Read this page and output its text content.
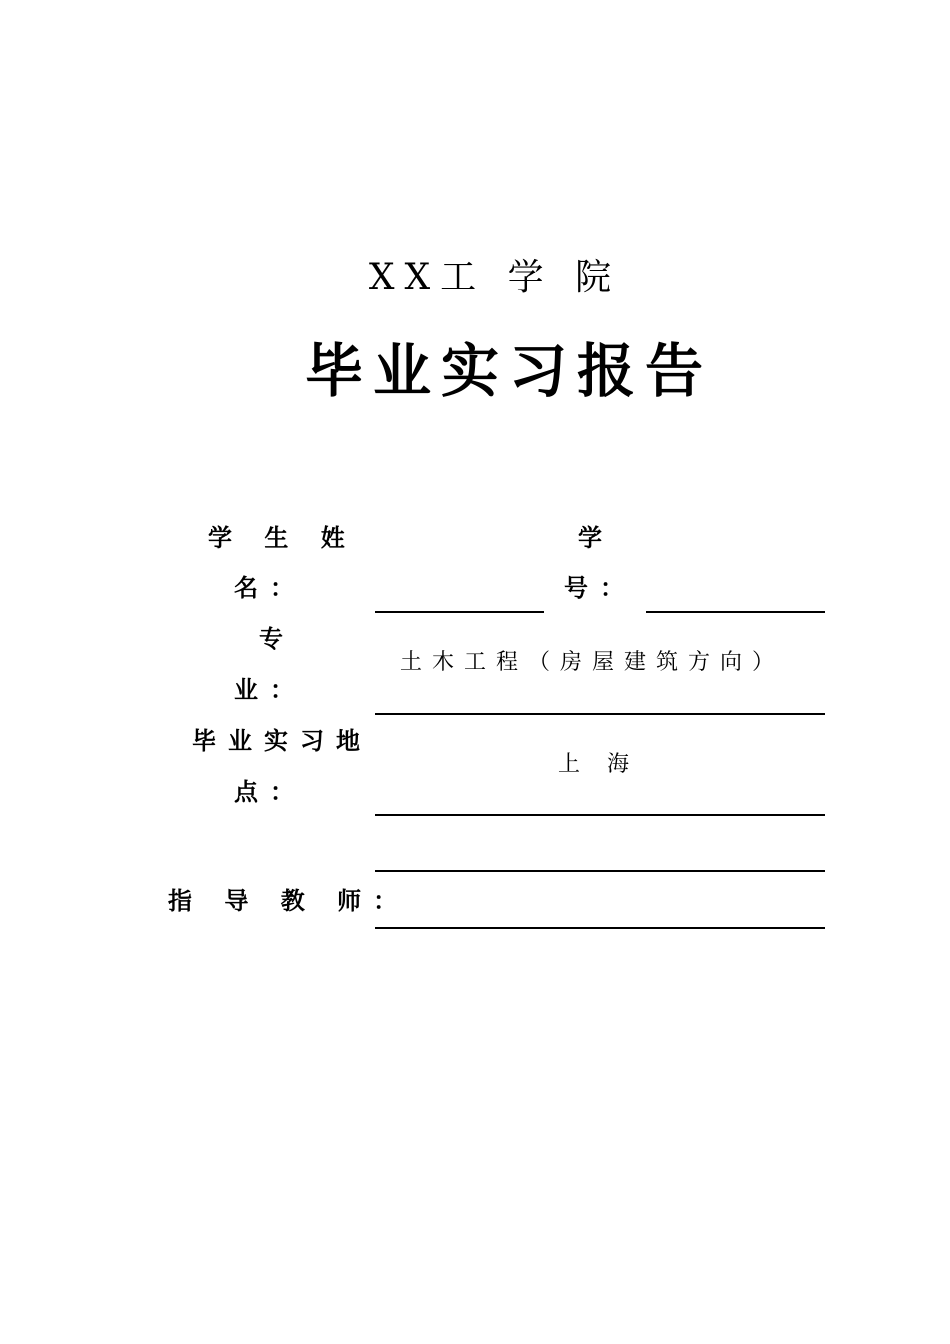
XX工 学 院
毕业实习报告
学 生 姓
名：
学
号：
专
业：
土木工程（房屋建筑方向）
毕业实习地
点：
上 海
指 导 教 师：
